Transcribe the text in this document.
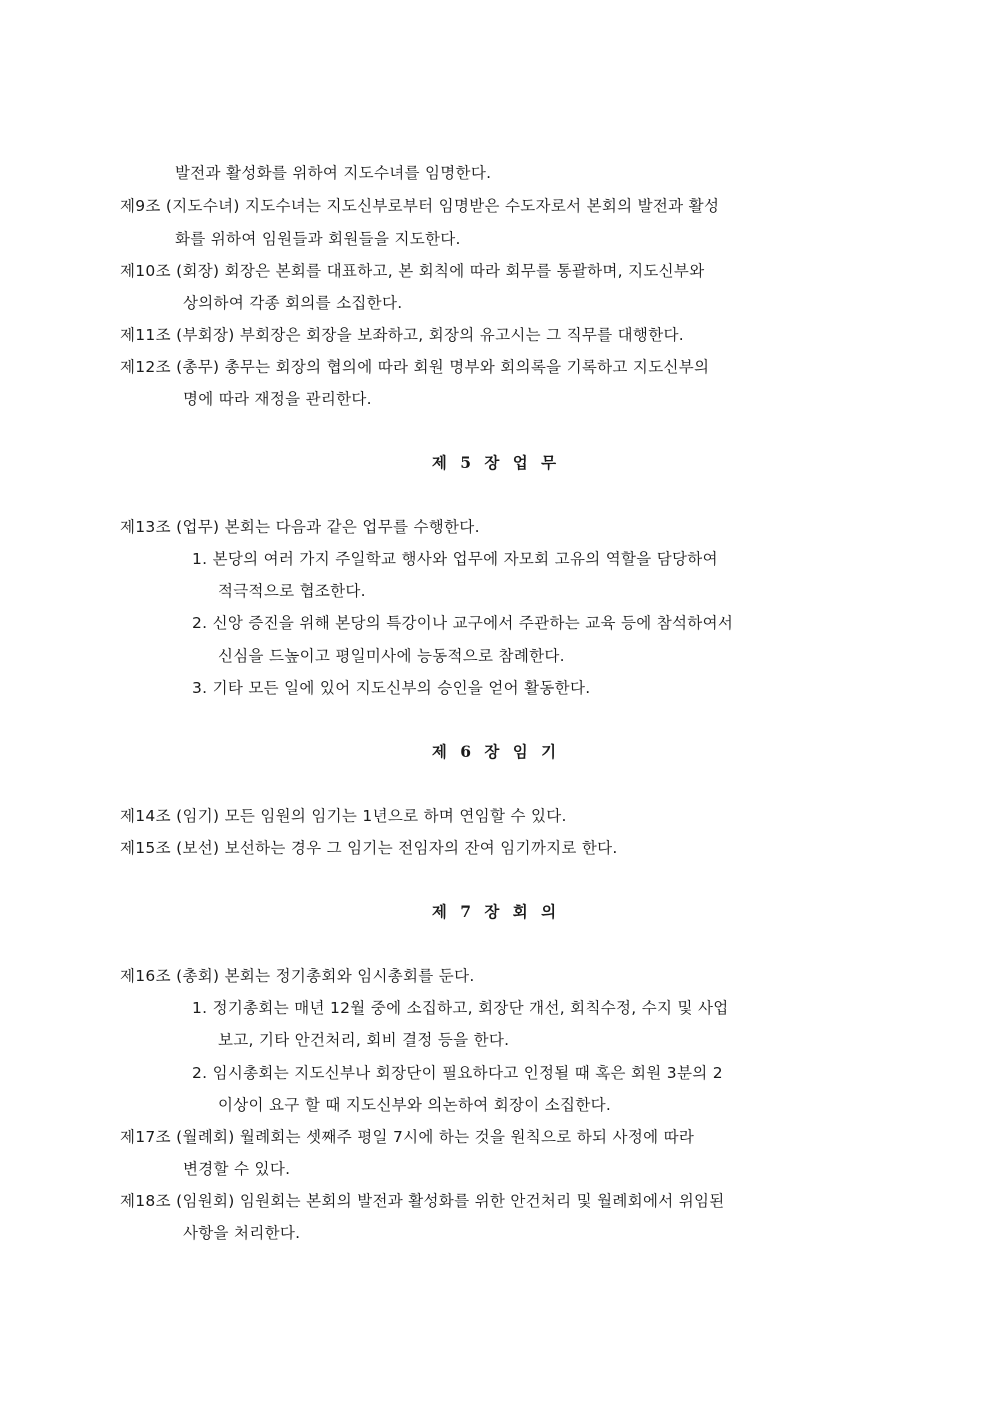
발전과 활성화를 위하여 지도수녀를 임명한다.
제9조 (지도수녀) 지도수녀는 지도신부로부터 임명받은 수도자로서 본회의 발전과 활성
화를 위하여 임원들과 회원들을 지도한다.
제10조 (회장) 회장은 본회를 대표하고, 본 회칙에 따라 회무를 통괄하며, 지도신부와
상의하여 각종 회의를 소집한다.
제11조 (부회장) 부회장은 회장을 보좌하고, 회장의 유고시는 그 직무를 대행한다.
제12조 (총무) 총무는 회장의 협의에 따라 회원 명부와 회의록을 기록하고 지도신부의
명에 따라 재정을 관리한다.
제 5 장 업 무
제13조 (업무) 본회는 다음과 같은 업무를 수행한다.
1. 본당의 여러 가지 주일학교 행사와 업무에 자모회 고유의 역할을 담당하여
적극적으로 협조한다.
2. 신앙 증진을 위해 본당의 특강이나 교구에서 주관하는 교육 등에 참석하여서
신심을 드높이고 평일미사에 능동적으로 참례한다.
3. 기타 모든 일에 있어 지도신부의 승인을 얻어 활동한다.
제 6 장 임 기
제14조 (임기) 모든 임원의 임기는 1년으로 하며 연임할 수 있다.
제15조 (보선) 보선하는 경우 그 임기는 전임자의 잔여 임기까지로 한다.
제 7 장 회 의
제16조 (총회) 본회는 정기총회와 임시총회를 둔다.
1. 정기총회는 매년 12월 중에 소집하고, 회장단 개선, 회칙수정, 수지 및 사업
보고, 기타 안건처리, 회비 결정 등을 한다.
2. 임시총회는 지도신부나 회장단이 필요하다고 인정될 때 혹은 회원 3분의 2
이상이 요구 할 때 지도신부와 의논하여 회장이 소집한다.
제17조 (월례회) 월례회는 셋째주 평일 7시에 하는 것을 원칙으로 하되 사정에 따라
변경할 수 있다.
제18조 (임원회) 임원회는 본회의 발전과 활성화를 위한 안건처리 및 월례회에서 위임된
사항을 처리한다.
